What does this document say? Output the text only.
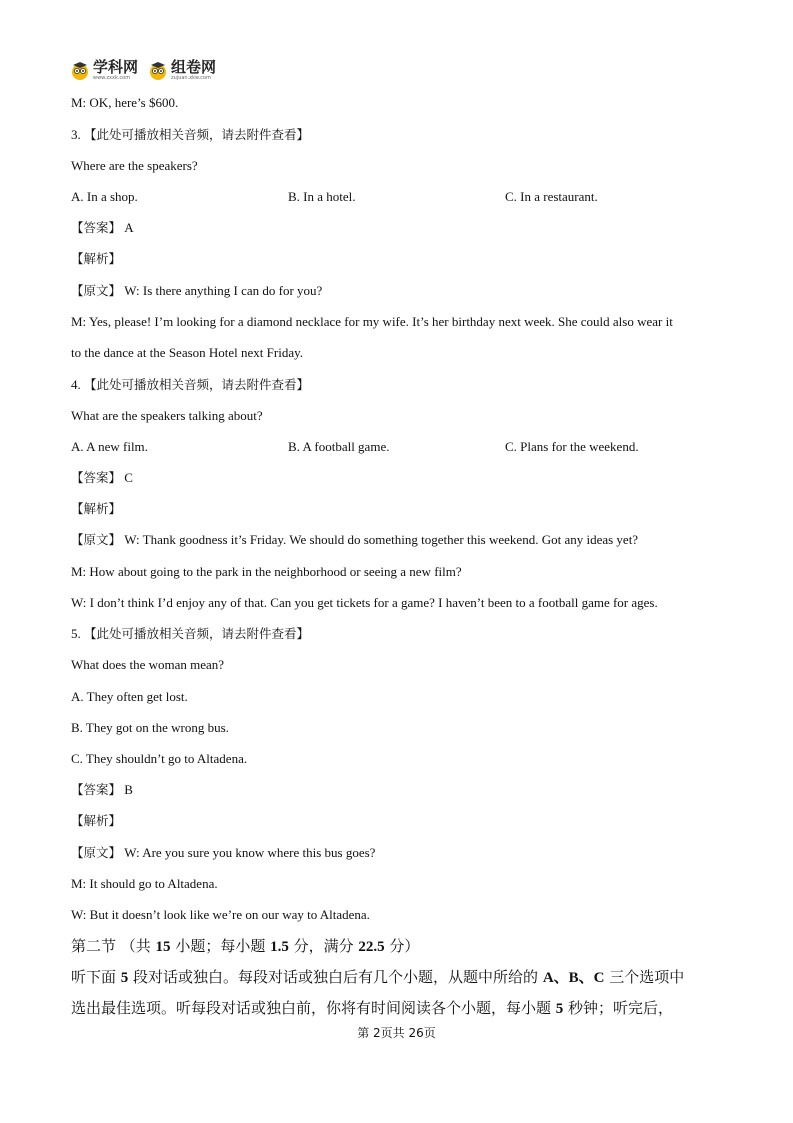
学科网
www.zxxk.com
组卷网
zujuan.xkw.com
M: OK, here’s $600.
3. 【此处可播放相关音频，请去附件查看】
Where are the speakers?
A. In a shop.	B. In a hotel.	C. In a restaurant.
【答案】 A
【解析】
【原文】 W: Is there anything I can do for you?
M: Yes, please! I’m looking for a diamond necklace for my wife. It’s her birthday next week. She could also wear it
to the dance at the Season Hotel next Friday.
4. 【此处可播放相关音频，请去附件查看】
What are the speakers talking about?
A. A new film.	B. A football game.	C. Plans for the weekend.
【答案】 C
【解析】
【原文】 W: Thank goodness it’s Friday. We should do something together this weekend. Got any ideas yet?
M: How about going to the park in the neighborhood or seeing a new film?
W: I don’t think I’d enjoy any of that. Can you get tickets for a game? I haven’t been to a football game for ages.
5. 【此处可播放相关音频，请去附件查看】
What does the woman mean?
A. They often get lost.
B. They got on the wrong bus.
C. They shouldn’t go to Altadena.
【答案】 B
【解析】
【原文】 W: Are you sure you know where this bus goes?
M: It should go to Altadena.
W: But it doesn’t look like we’re on our way to Altadena.
第二节 （共 15 小题；每小题 1.5 分，满分 22.5 分）
听下面 5 段对话或独白。每段对话或独白后有几个小题，从题中所给的 A、B、C 三个选项中
选出最佳选项。听每段对话或独白前，你将有时间阅读各个小题，每小题 5 秒钟；听完后，
第 2页共 26页
